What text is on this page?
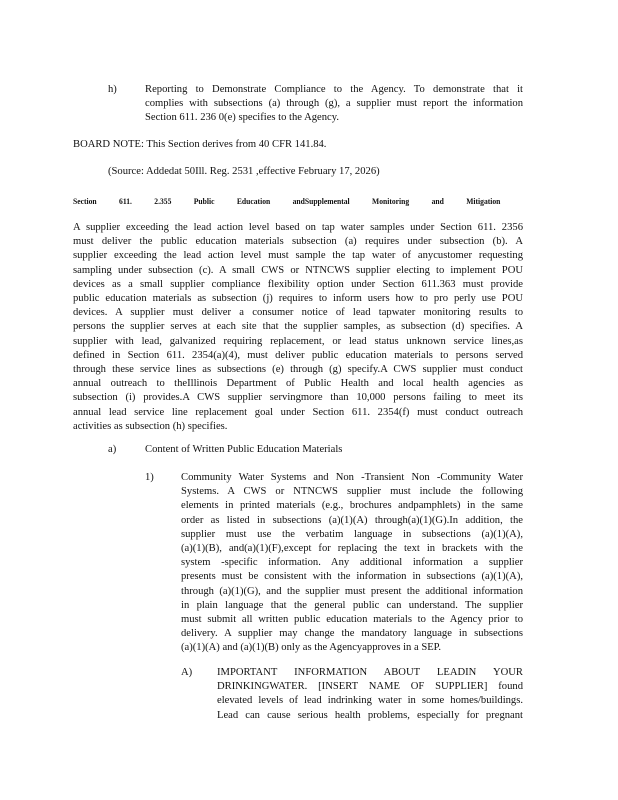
h)	Reporting to Demonstrate Compliance to the Agency. To demonstrate that it
complies with subsections (a) through (g), a supplier must report the information
Section 611. 236 0(e) specifies to the Agency.
BOARD NOTE: This Section derives from 40 CFR 141.84.
(Source: Addedat 50Ill. Reg. 2531 ,effective February 17, 2026)
Section	611.	2.355	Public	Education	andSupplemental	Monitoring	and	Mitigation
A supplier exceeding the lead action level based on tap water samples under Section 611. 2356
must deliver the public education materials subsection (a) requires under subsection (b). A
supplier exceeding the lead action level must sample the tap water of anycustomer requesting
sampling under subsection (c). A small CWS or NTNCWS supplier electing to implement POU
devices as a small supplier compliance flexibility option under Section 611.363 must provide
public education materials as subsection (j) requires to inform users how to pro perly use POU
devices. A supplier must deliver a consumer notice of lead tapwater monitoring results to
persons the supplier serves at each site that the supplier samples, as subsection (d) specifies. A
supplier with lead, galvanized requiring replacement, or lead status unknown service lines,as
defined in Section 611. 2354(a)(4), must deliver public education materials to persons served
through these service lines as subsections (e) through (g) specify.A CWS supplier must conduct
annual outreach to theIllinois Department of Public Health and local health agencies as
subsection (i) provides.A CWS supplier servingmore than 10,000 persons failing to meet its
annual lead service line replacement goal under Section 611. 2354(f) must conduct outreach
activities as subsection (h) specifies.
a)	Content of Written Public Education Materials
1)	Community Water Systems and Non -Transient Non -Community Water
Systems. A CWS or NTNCWS supplier must include the following
elements in printed materials (e.g., brochures andpamphlets) in the same
order as listed in subsections (a)(1)(A) through(a)(1)(G).In addition, the
supplier must use the verbatim language in subsections (a)(1)(A),
(a)(1)(B), and(a)(1)(F),except for replacing the text in brackets with the
system -specific information. Any additional information a supplier
presents must be consistent with the information in subsections (a)(1)(A),
through (a)(1)(G), and the supplier must present the additional information
in plain language that the general public can understand. The supplier
must submit all written public education materials to the Agency prior to
delivery. A supplier may change the mandatory language in subsections
(a)(1)(A) and (a)(1)(B) only as the Agencyapproves in a SEP.
A) IMPORTANT INFORMATION ABOUT LEADIN YOUR
DRINKINGWATER. [INSERT NAME OF SUPPLIER] found
elevated levels of lead indrinking water in some homes/buildings.
Lead can cause serious health problems, especially for pregnant
